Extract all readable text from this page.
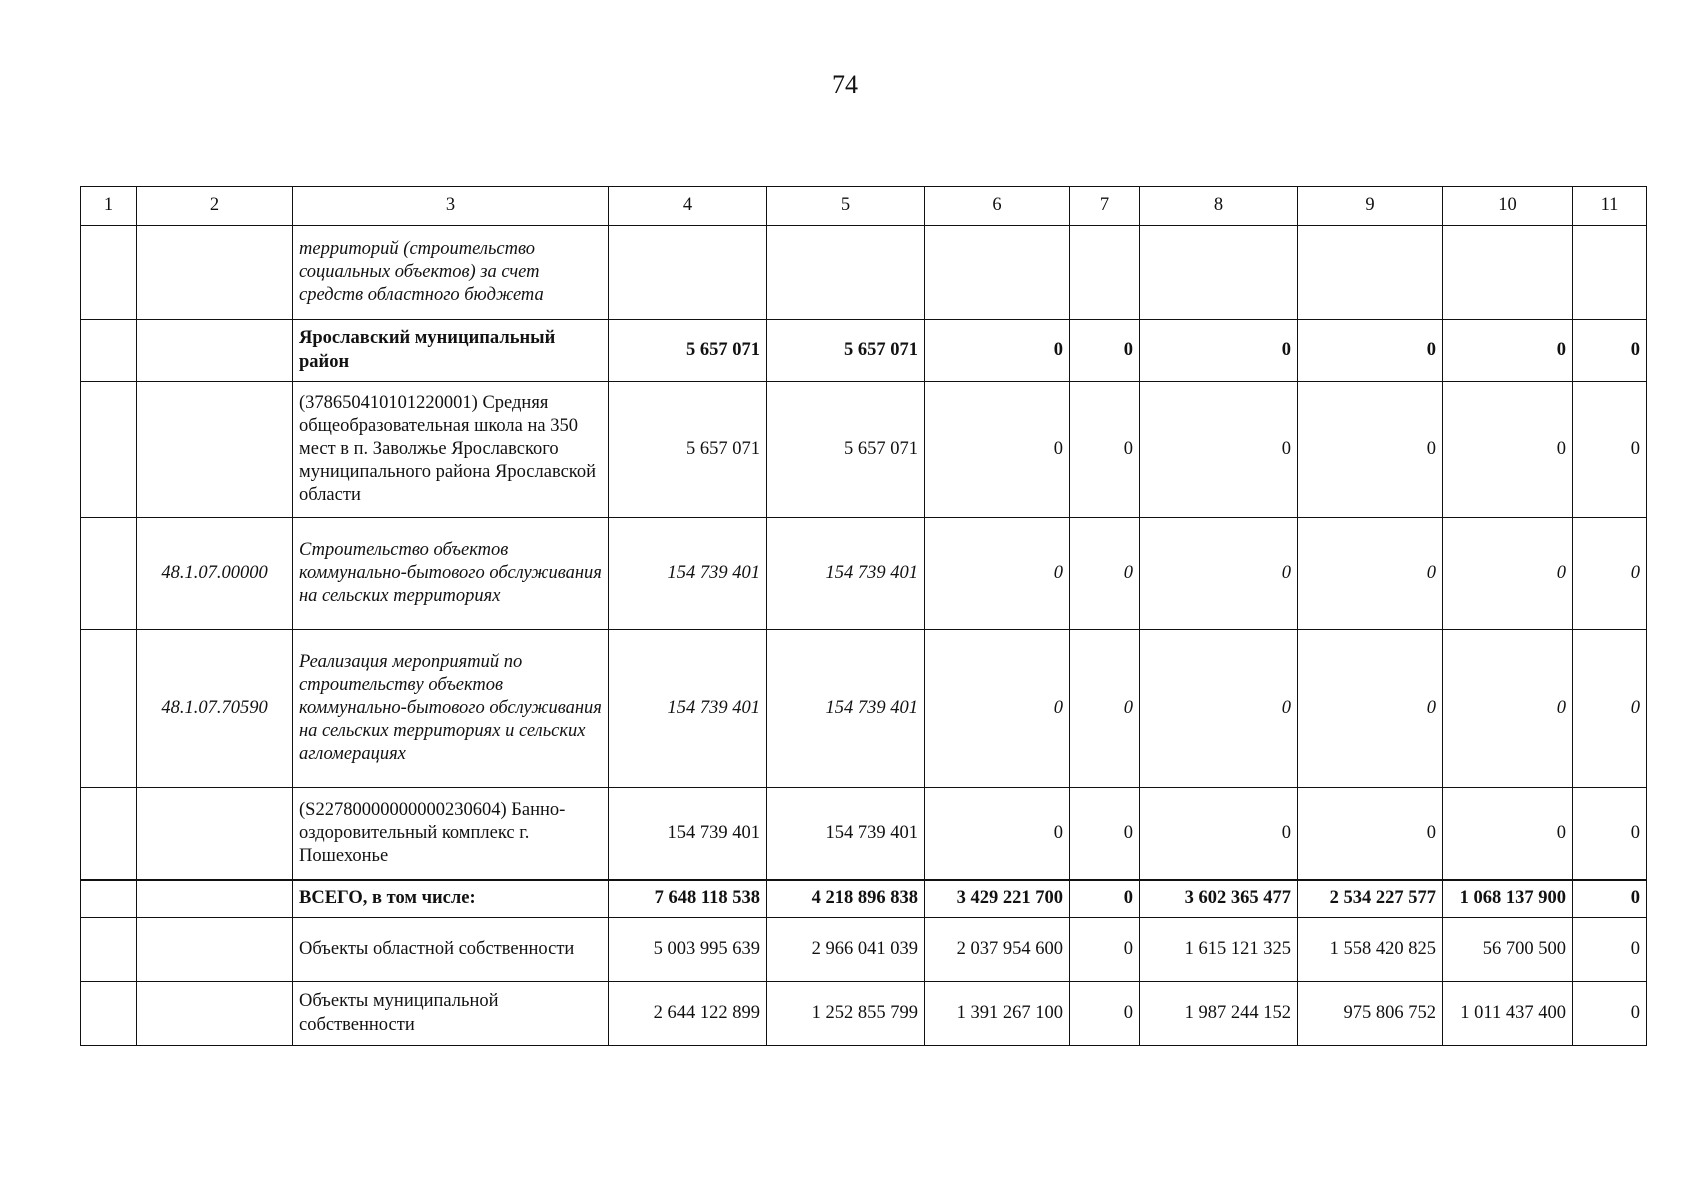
74
1	2	3	4	5	6	7	8	9	10	11
		территорий (строительство социальных объектов) за счет средств областного бюджета								
		Ярославский муниципальный район	5 657 071	5 657 071	0	0	0	0	0	0
		(378650410101220001) Средняя общеобразовательная школа на 350 мест в п. Заволжье Ярославского муниципального района Ярославской области	5 657 071	5 657 071	0	0	0	0	0	0
	48.1.07.00000	Строительство объектов коммунально-бытового обслуживания на сельских территориях	154 739 401	154 739 401	0	0	0	0	0	0
	48.1.07.70590	Реализация мероприятий по строительству объектов коммунально-бытового обслуживания на сельских территориях и сельских агломерациях	154 739 401	154 739 401	0	0	0	0	0	0
		(S22780000000000230604) Банно-оздоровительный комплекс г. Пошехонье	154 739 401	154 739 401	0	0	0	0	0	0
		ВСЕГО, в том числе:	7 648 118 538	4 218 896 838	3 429 221 700	0	3 602 365 477	2 534 227 577	1 068 137 900	0
		Объекты областной собственности	5 003 995 639	2 966 041 039	2 037 954 600	0	1 615 121 325	1 558 420 825	56 700 500	0
		Объекты муниципальной собственности	2 644 122 899	1 252 855 799	1 391 267 100	0	1 987 244 152	975 806 752	1 011 437 400	0
